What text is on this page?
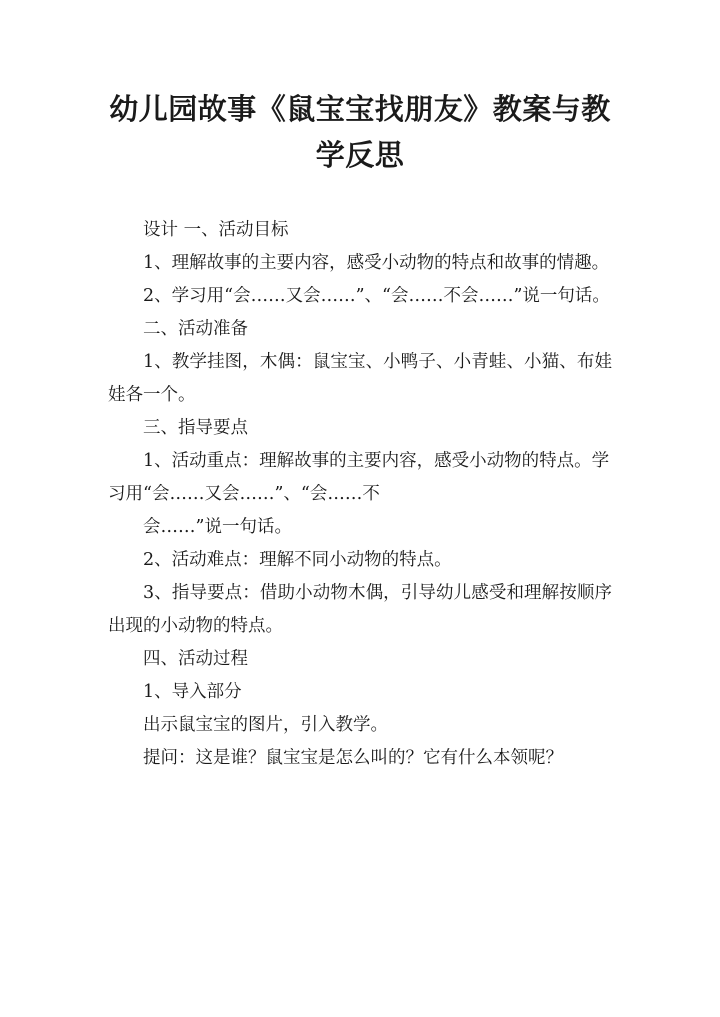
幼儿园故事《鼠宝宝找朋友》教案与教学反思

设计 一、活动目标

1、理解故事的主要内容，感受小动物的特点和故事的情趣。

2、学习用“会……又会……”、“会……不会……”说一句话。

二、活动准备

1、教学挂图，木偶：鼠宝宝、小鸭子、小青蛙、小猫、布娃娃各一个。

三、指导要点

1、活动重点：理解故事的主要内容，感受小动物的特点。学习用“会……又会……”、“会……不

会……”说一句话。

2、活动难点：理解不同小动物的特点。

3、指导要点：借助小动物木偶，引导幼儿感受和理解按顺序出现的小动物的特点。

四、活动过程

1、导入部分

出示鼠宝宝的图片，引入教学。

提问：这是谁？鼠宝宝是怎么叫的？它有什么本领呢？
